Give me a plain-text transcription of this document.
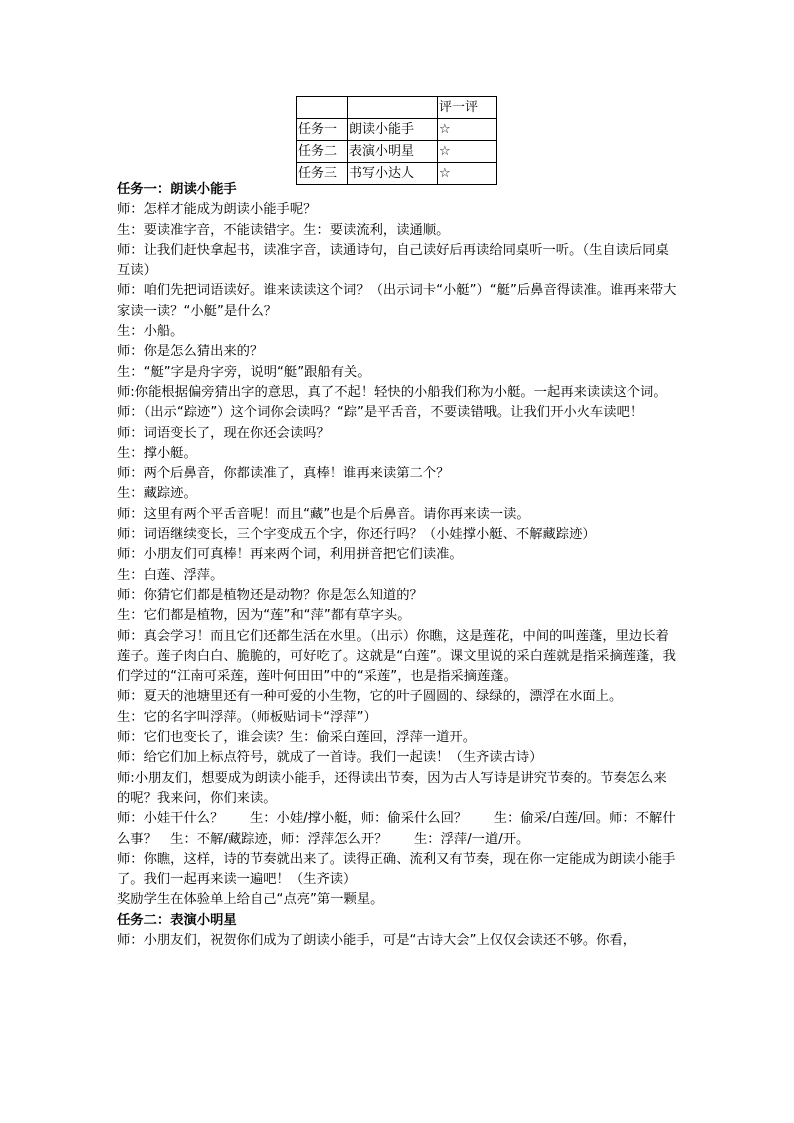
		评一评
任务一	朗读小能手	☆
任务二	表演小明星	☆
任务三	书写小达人	☆

任务一：朗读小能手

师：怎样才能成为朗读小能手呢？

生：要读准字音，不能读错字。生：要读流利，读通顺。

师：让我们赶快拿起书，读准字音，读通诗句，自己读好后再读给同桌听一听。（生自读后同桌互读）

师：咱们先把词语读好。谁来读读这个词？（出示词卡“小艇”）“艇”后鼻音得读准。谁再来带大家读一读？“小艇”是什么？

生：小船。

师：你是怎么猜出来的？

生：“艇”字是舟字旁，说明“艇”跟船有关。

师:你能根据偏旁猜出字的意思，真了不起！轻快的小船我们称为小艇。一起再来读读这个词。

师：（出示“踪迹”）这个词你会读吗？“踪”是平舌音，不要读错哦。让我们开小火车读吧！

师：词语变长了，现在你还会读吗？

生：撑小艇。

师：两个后鼻音，你都读准了，真棒！谁再来读第二个？

生：藏踪迹。

师：这里有两个平舌音呢！而且“藏”也是个后鼻音。请你再来读一读。

师：词语继续变长，三个字变成五个字，你还行吗？（小娃撑小艇、不解藏踪迹）

师：小朋友们可真棒！再来两个词，利用拼音把它们读准。

生：白莲、浮萍。

师：你猜它们都是植物还是动物？你是怎么知道的？

生：它们都是植物，因为“莲”和“萍”都有草字头。

师：真会学习！而且它们还都生活在水里。（出示）你瞧，这是莲花，中间的叫莲蓬，里边长着莲子。莲子肉白白、脆脆的，可好吃了。这就是“白莲”。课文里说的采白莲就是指采摘莲蓬，我们学过的“江南可采莲，莲叶何田田”中的“采莲”，也是指采摘莲蓬。

师：夏天的池塘里还有一种可爱的小生物，它的叶子圆圆的、绿绿的，漂浮在水面上。

生：它的名字叫浮萍。（师板贴词卡“浮萍”）

师：它们也变长了，谁会读？生：偷采白莲回，浮萍一道开。

师：给它们加上标点符号，就成了一首诗。我们一起读！（生齐读古诗）

师:小朋友们，想要成为朗读小能手，还得读出节奏，因为古人写诗是讲究节奏的。节奏怎么来的呢？我来问，你们来读。

师：小娃干什么？　　生：小娃/撑小艇，师：偷采什么回？　　生：偷采/白莲/回。师：不解什么事？　生：不解/藏踪迹，师：浮萍怎么开？　　生：浮萍/一道/开。

师：你瞧，这样，诗的节奏就出来了。读得正确、流利又有节奏，现在你一定能成为朗读小能手了。我们一起再来读一遍吧！（生齐读）

奖励学生在体验单上给自己“点亮”第一颗星。

任务二：表演小明星

师：小朋友们，祝贺你们成为了朗读小能手，可是“古诗大会”上仅仅会读还不够。你看，
